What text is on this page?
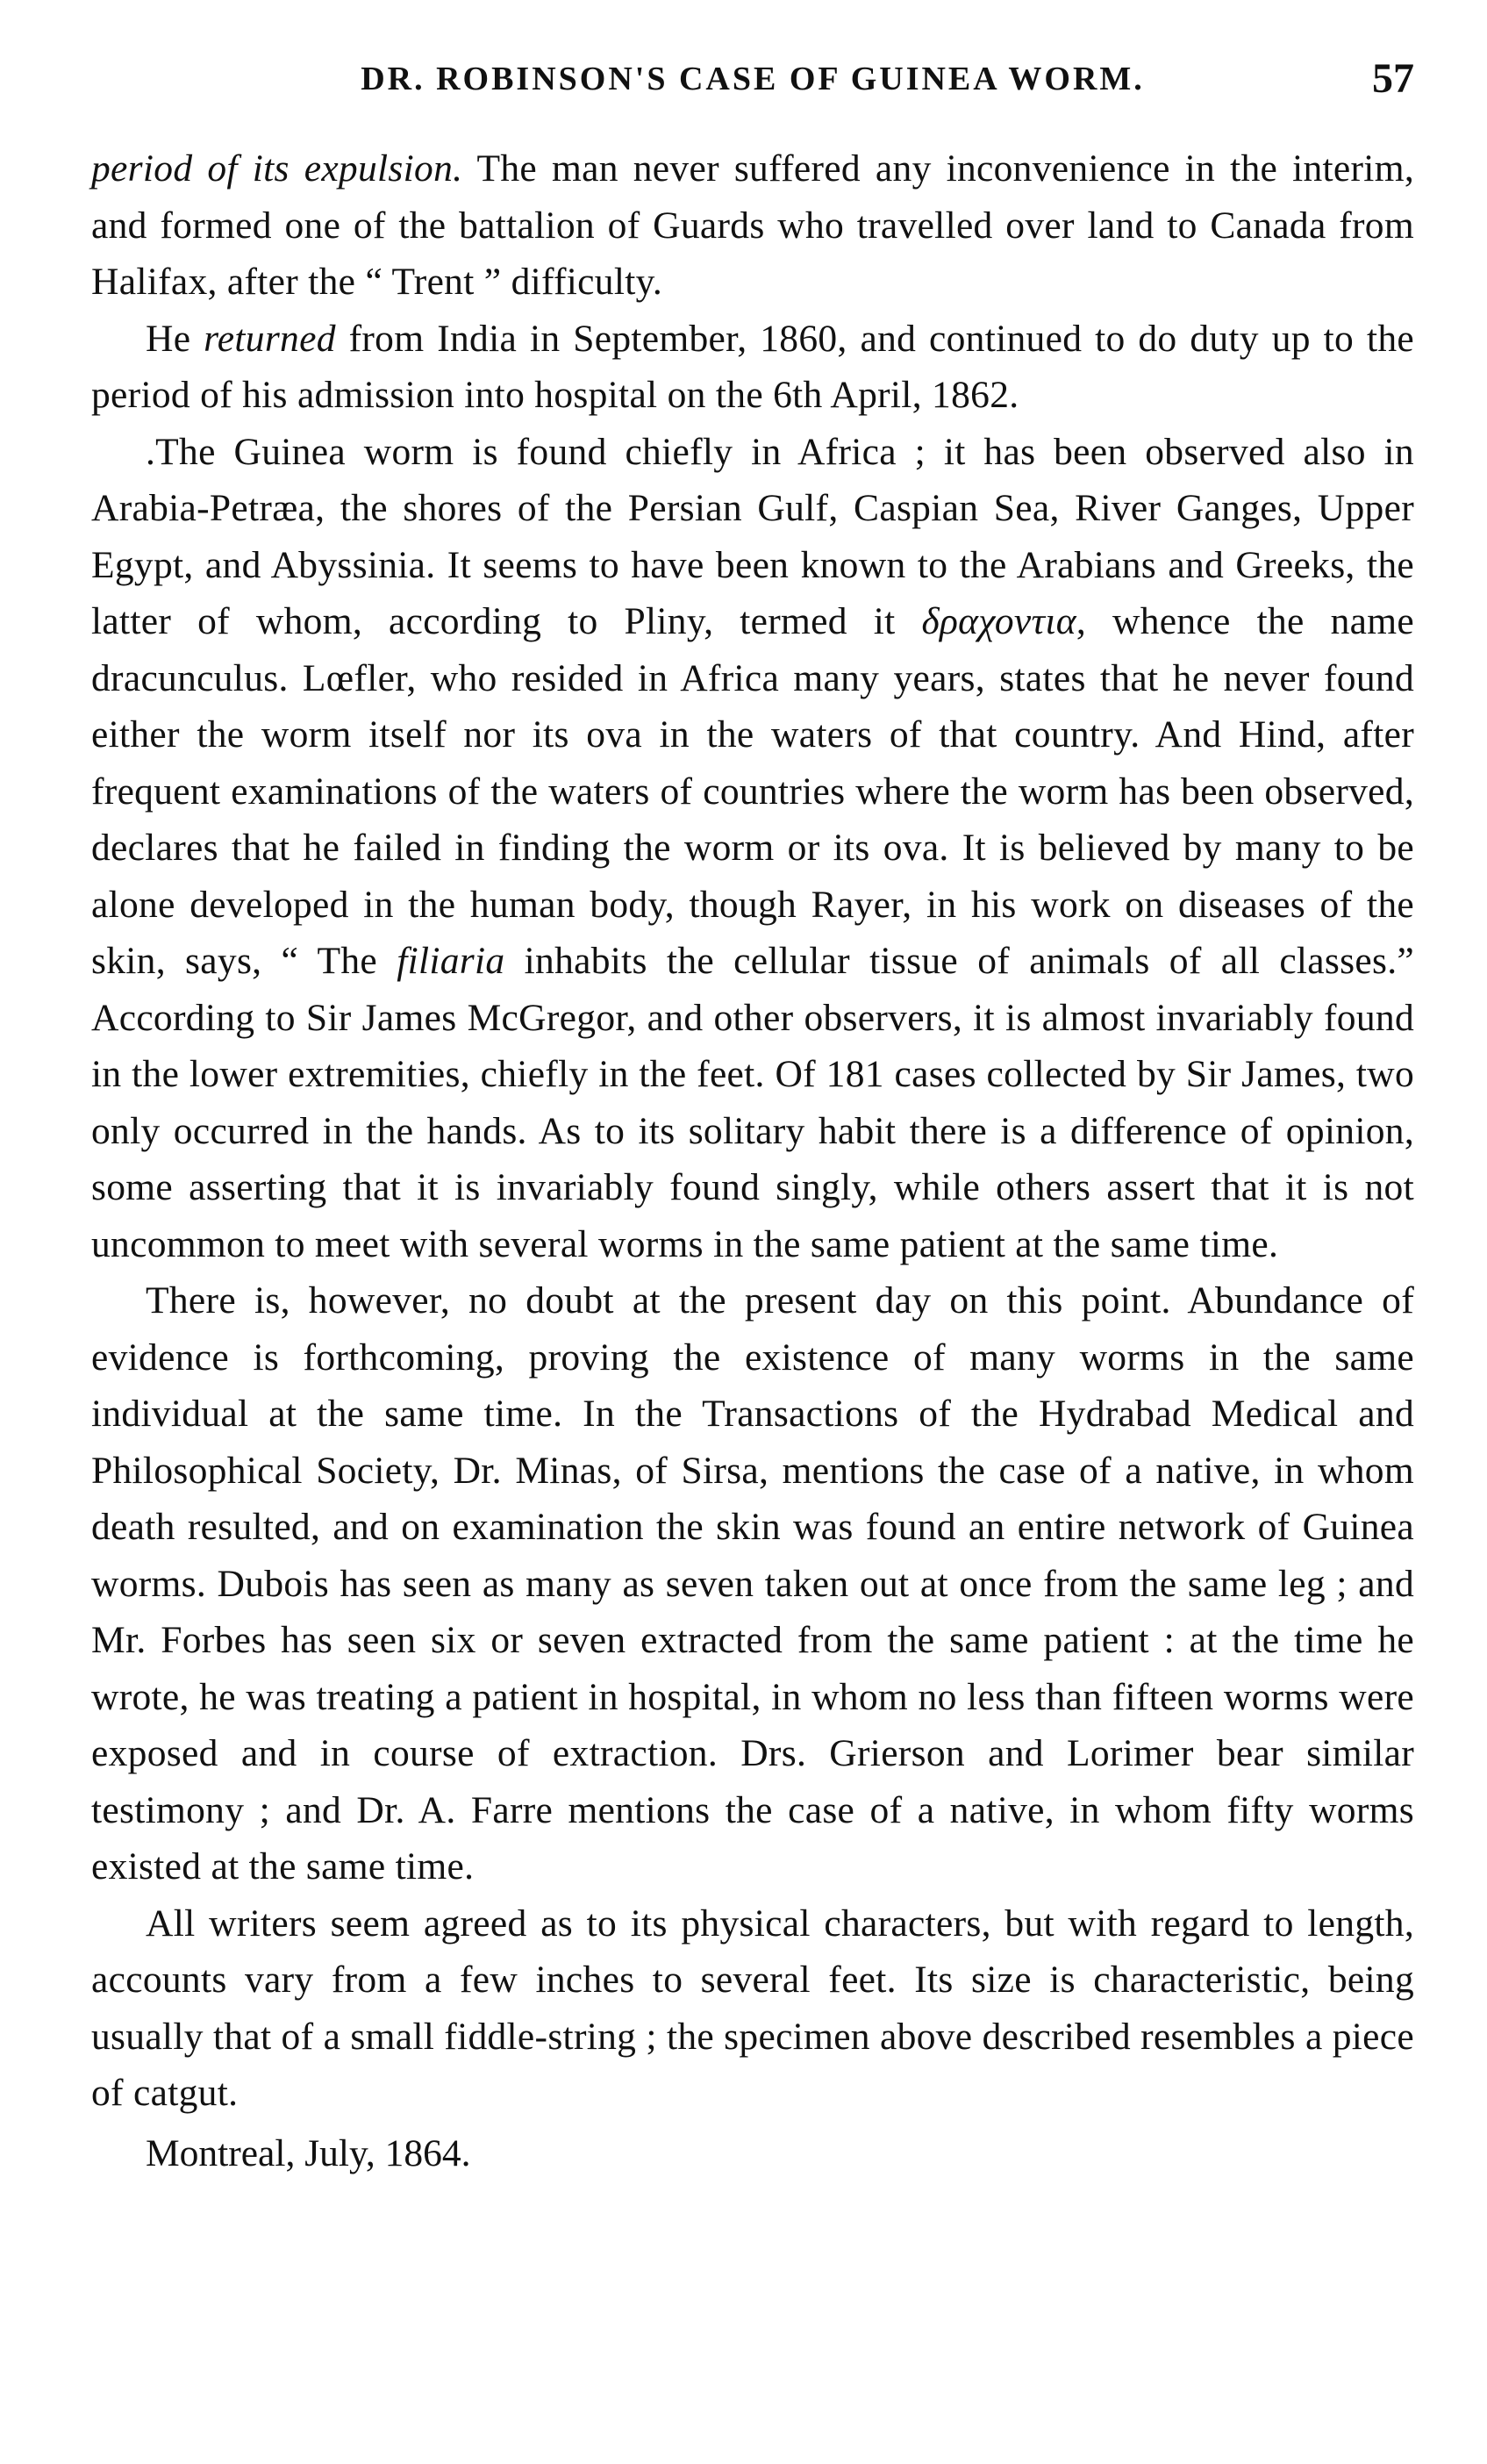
DR. ROBINSON'S CASE OF GUINEA WORM.	57

period of its expulsion. The man never suffered any inconvenience in the interim, and formed one of the battalion of Guards who travelled over land to Canada from Halifax, after the “ Trent ” difficulty.

He returned from India in September, 1860, and continued to do duty up to the period of his admission into hospital on the 6th April, 1862.

.The Guinea worm is found chiefly in Africa ; it has been observed also in Arabia-Petræa, the shores of the Persian Gulf, Caspian Sea, River Ganges, Upper Egypt, and Abyssinia. It seems to have been known to the Arabians and Greeks, the latter of whom, according to Pliny, termed it δραχοντια, whence the name dracunculus. Lœfler, who resided in Africa many years, states that he never found either the worm itself nor its ova in the waters of that country. And Hind, after frequent examinations of the waters of countries where the worm has been observed, declares that he failed in finding the worm or its ova. It is believed by many to be alone developed in the human body, though Rayer, in his work on diseases of the skin, says, “ The filiaria inhabits the cellular tissue of animals of all classes.” According to Sir James McGregor, and other observers, it is almost invariably found in the lower extremities, chiefly in the feet. Of 181 cases collected by Sir James, two only occurred in the hands. As to its solitary habit there is a difference of opinion, some asserting that it is invariably found singly, while others assert that it is not uncommon to meet with several worms in the same patient at the same time.

There is, however, no doubt at the present day on this point. Abundance of evidence is forthcoming, proving the existence of many worms in the same individual at the same time. In the Transactions of the Hydrabad Medical and Philosophical Society, Dr. Minas, of Sirsa, mentions the case of a native, in whom death resulted, and on examination the skin was found an entire network of Guinea worms. Dubois has seen as many as seven taken out at once from the same leg ; and Mr. Forbes has seen six or seven extracted from the same patient : at the time he wrote, he was treating a patient in hospital, in whom no less than fifteen worms were exposed and in course of extraction. Drs. Grierson and Lorimer bear similar testimony ; and Dr. A. Farre mentions the case of a native, in whom fifty worms existed at the same time.

All writers seem agreed as to its physical characters, but with regard to length, accounts vary from a few inches to several feet. Its size is characteristic, being usually that of a small fiddle-string ; the specimen above described resembles a piece of catgut.

Montreal, July, 1864.
